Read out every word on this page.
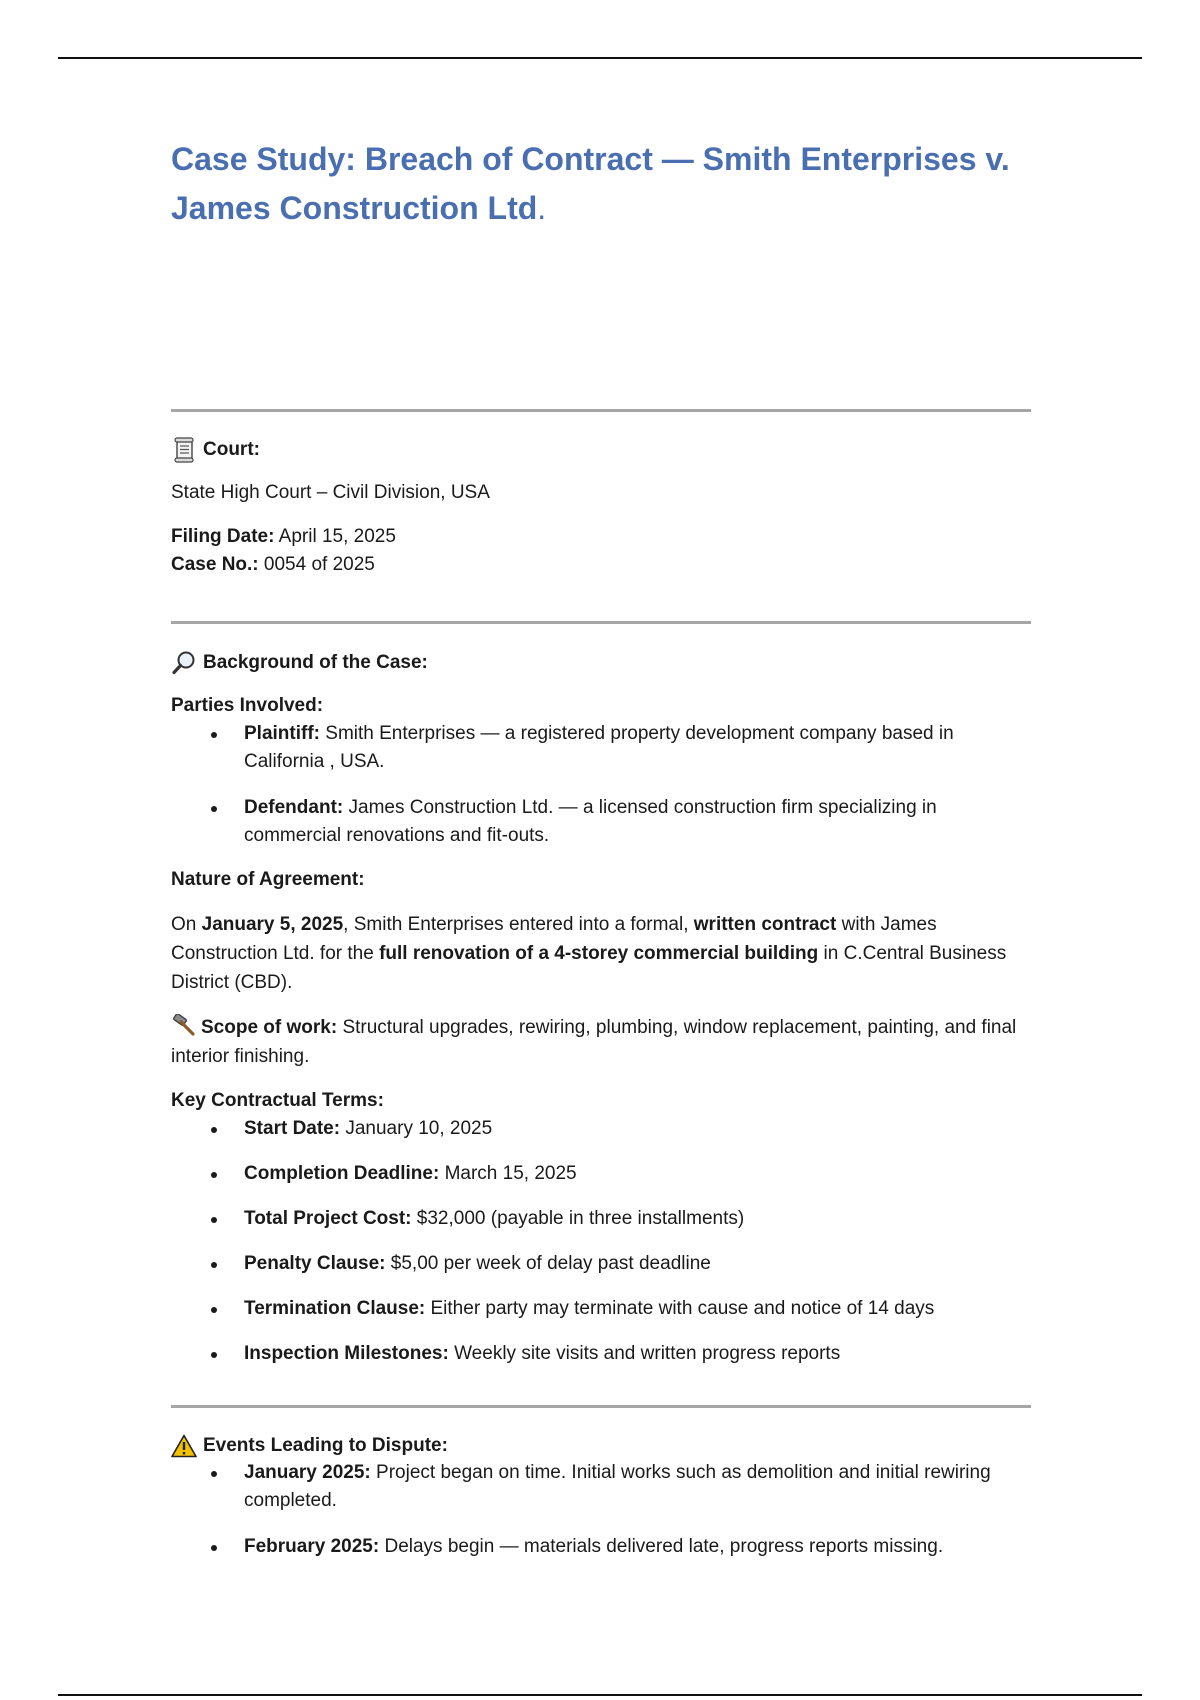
Case Study: Breach of Contract — Smith Enterprises v.
James Construction Ltd.
Court:

State High Court – Civil Division, USA

Filing Date: April 15, 2025

Case No.: 0054 of 2025

Background of the Case:

Parties Involved:

Plaintiff: Smith Enterprises — a registered property development company based in California , USA.
Defendant: James Construction Ltd. — a licensed construction firm specializing in commercial renovations and fit-outs.

Nature of Agreement:

On January 5, 2025, Smith Enterprises entered into a formal, written contract with James Construction Ltd. for the full renovation of a 4-storey commercial building in C.Central Business District (CBD).

Scope of work: Structural upgrades, rewiring, plumbing, window replacement, painting, and final interior finishing.

Key Contractual Terms:

Start Date: January 10, 2025
Completion Deadline: March 15, 2025
Total Project Cost: $32,000 (payable in three installments)
Penalty Clause: $5,00 per week of delay past deadline
Termination Clause: Either party may terminate with cause and notice of 14 days
Inspection Milestones: Weekly site visits and written progress reports
Events Leading to Dispute:
January 2025: Project began on time. Initial works such as demolition and initial rewiring completed.
February 2025: Delays begin — materials delivered late, progress reports missing.
